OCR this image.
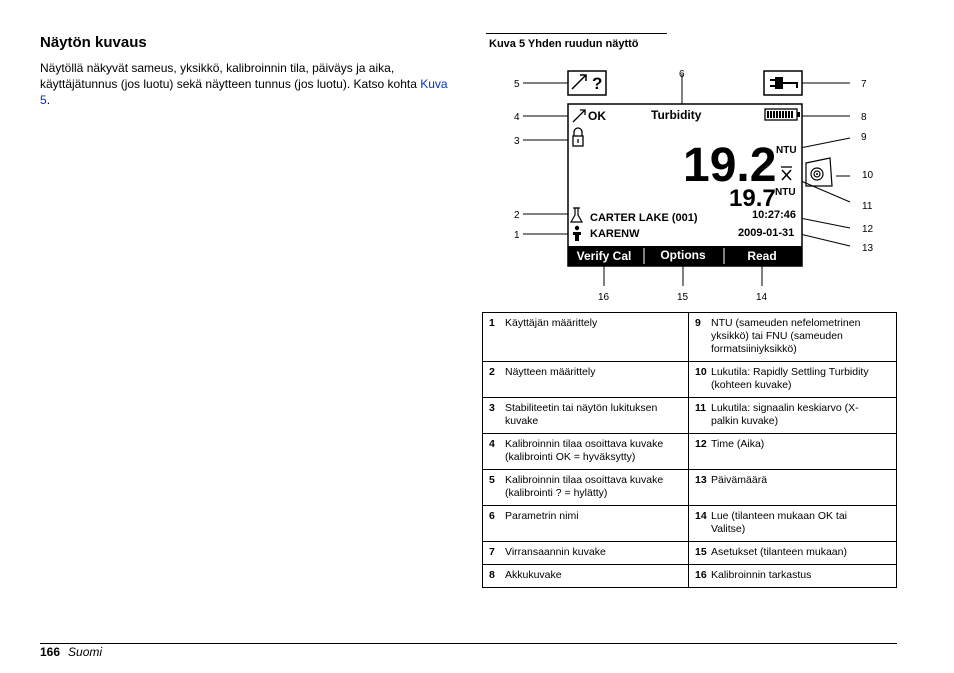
Näytön kuvaus
Näytöllä näkyvät sameus, yksikkö, kalibroinnin tila, päiväys ja aika, käyttäjätunnus (jos luotu) sekä näytteen tunnus (jos luotu). Katso kohta Kuva 5.
Kuva 5 Yhden ruudun näyttö
?
OK	Turbidity
19.2 NTU
19.7 NTU
CARTER LAKE (001)	10:27:46
KARENW	2009-01-31
Verify Cal Options	Read
5
4
3
2
1
6
7
8
9
10
11
12
13
14
15
16
1 Käyttäjän määrittely	9 NTU (sameuden nefelometrinen yksikkö) tai FNU (sameuden formatsiiniyksikkö)
2 Näytteen määrittely	10 Lukutila: Rapidly Settling Turbidity (kohteen kuvake)
3 Stabiliteetin tai näytön lukituksen kuvake	11 Lukutila: signaalin keskiarvo (X-palkin kuvake)
4 Kalibroinnin tilaa osoittava kuvake (kalibrointi OK = hyväksytty)	12 Time (Aika)
5 Kalibroinnin tilaa osoittava kuvake (kalibrointi ? = hylätty)	13 Päivämäärä
6 Parametrin nimi	14 Lue (tilanteen mukaan OK tai Valitse)
7 Virransaannin kuvake	15 Asetukset (tilanteen mukaan)
8 Akkukuvake	16 Kalibroinnin tarkastus
166 Suomi
